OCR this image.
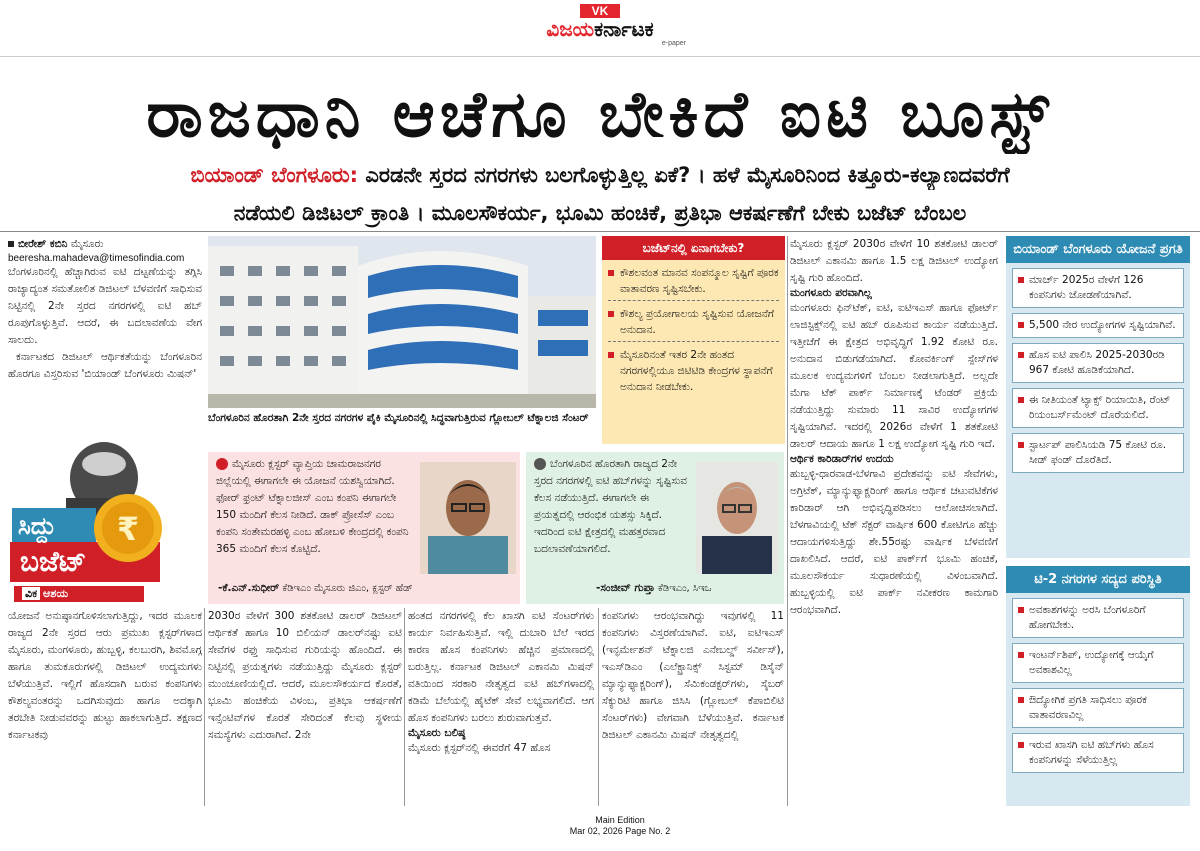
VK
ವಿಜಯಕರ್ನಾಟಕ
e-paper
ರಾಜಧಾನಿ ಆಚೆಗೂ ಬೇಕಿದೆ ಐಟಿ ಬೂಸ್ಟ್
ಬಿಯಾಂಡ್ ಬೆಂಗಳೂರು: ಎರಡನೇ ಸ್ತರದ ನಗರಗಳು ಬಲಗೊಳ್ಳುತ್ತಿಲ್ಲ ಏಕೆ? । ಹಳೆ ಮೈಸೂರಿನಿಂದ ಕಿತ್ತೂರು-ಕಲ್ಯಾಣದವರೆಗೆ
ನಡೆಯಲಿ ಡಿಜಿಟಲ್ ಕ್ರಾಂತಿ । ಮೂಲಸೌಕರ್ಯ, ಭೂಮಿ ಹಂಚಿಕೆ, ಪ್ರತಿಭಾ ಆಕರ್ಷಣೆಗೆ ಬೇಕು ಬಜೆಟ್ ಬೆಂಬಲ
ಬೀರೇಶ್ ಕಬಿನಿ ಮೈಸೂರು
beeresha.mahadeva@timesofindia.com

ಬೆಂಗಳೂರಿನಲ್ಲಿ ಹೆಚ್ಚಾಗಿರುವ ಐಟಿ ದಟ್ಟಣೆಯನ್ನು ತಗ್ಗಿಸಿ ರಾಜ್ಯಾದ್ಯಂತ ಸಮತೋಲಿತ ಡಿಜಿಟಲ್ ಬೆಳವಣಿಗೆ ಸಾಧಿಸುವ ನಿಟ್ಟಿನಲ್ಲಿ 2ನೇ ಸ್ತರದ ನಗರಗಳಲ್ಲಿ ಐಟಿ ಹಬ್ ರೂಪುಗೊಳ್ಳುತ್ತಿವೆ. ಆದರೆ, ಈ ಬದಲಾವಣೆಯ ವೇಗ ಸಾಲದು.

ಕರ್ನಾಟಕದ ಡಿಜಿಟಲ್ ಆರ್ಥಿಕತೆಯನ್ನು ಬೆಂಗಳೂರಿನ ಹೊರಗೂ ವಿಸ್ತರಿಸುವ 'ಬಿಯಾಂಡ್ ಬೆಂಗಳೂರು ಮಿಷನ್'

₹
ಸಿದ್ದು
ಬಜೆಟ್
ವಿಕ ಆಶಯ
ಬೆಂಗಳೂರಿನ ಹೊರತಾಗಿ 2ನೇ ಸ್ತರದ ನಗರಗಳ ಪೈಕಿ ಮೈಸೂರಿನಲ್ಲಿ ಸಿದ್ಧವಾಗುತ್ತಿರುವ ಗ್ಲೋಬಲ್ ಟೆಕ್ನಾಲಜಿ ಸೆಂಟರ್
ಬಜೆಟ್‌ನಲ್ಲಿ ಏನಾಗಬೇಕು?
ಕೌಶಲವಂತ ಮಾನವ ಸಂಪನ್ಮೂಲ ಸೃಷ್ಟಿಗೆ ಪೂರಕ ವಾತಾವರಣ ಸೃಷ್ಟಿಸಬೇಕು.
ಕೌಶಲ್ಯ ಪ್ರಯೋಗಾಲಯ ಸೃಷ್ಟಿಸುವ ಯೋಜನೆಗೆ ಅನುದಾನ.
ಮೈಸೂರಿನಂತೆ ಇತರ 2ನೇ ಹಂತದ ನಗರಗಳಲ್ಲಿಯೂ ಜಿಟಿಟಿಡಿ ಕೇಂದ್ರಗಳ ಸ್ಥಾಪನೆಗೆ ಅನುದಾನ ನೀಡಬೇಕು.

ಮೈಸೂರು ಕ್ಲಸ್ಟರ್ 2030ರ ವೇಳೆಗೆ 10 ಶತಕೋಟಿ ಡಾಲರ್ ಡಿಜಿಟಲ್ ಎಕಾನಮಿ ಹಾಗೂ 1.5 ಲಕ್ಷ ಡಿಜಿಟಲ್ ಉದ್ಯೋಗ ಸೃಷ್ಟಿ ಗುರಿ ಹೊಂದಿದೆ.

ಮಂಗಳೂರು ಪರವಾಗಿಲ್ಲ

ಮಂಗಳೂರು ಫಿನ್‌ಟೆಕ್, ಐಟಿ, ಐಟಿಇಎಸ್ ಹಾಗೂ ಫೋರ್ಟ್ ಲಾಜಿಸ್ಟಿಕ್ಸ್‌ನಲ್ಲಿ ಐಟಿ ಹಬ್ ರೂಪಿಸುವ ಕಾರ್ಯ ನಡೆಯುತ್ತಿದೆ. ಇತ್ತೀಚೆಗೆ ಈ ಕ್ಷೇತ್ರದ ಅಭಿವೃದ್ಧಿಗೆ 1.92 ಕೋಟಿ ರೂ. ಅನುದಾನ ಬಿಡುಗಡೆಯಾಗಿದೆ. ಕೋವರ್ಕಿಂಗ್ ಸ್ಪೇಸ್‌ಗಳ ಮೂಲಕ ಉದ್ಯಮಗಳಿಗೆ ಬೆಂಬಲ ನೀಡಲಾಗುತ್ತಿದೆ. ಅಲ್ಲದೇ ಮೆಗಾ ಟೆಕ್ ಪಾರ್ಕ್ ನಿರ್ಮಾಣಕ್ಕೆ ಟೆಂಡರ್ ಪ್ರಕ್ರಿಯೆ ನಡೆಯುತ್ತಿದ್ದು ಸುಮಾರು 11 ಸಾವಿರ ಉದ್ಯೋಗಗಳ ಸೃಷ್ಟಿಯಾಗಿವೆ. ಇದರಲ್ಲಿ 2026ರ ವೇಳೆಗೆ 1 ಶತಕೋಟಿ ಡಾಲರ್ ಆದಾಯ ಹಾಗೂ 1 ಲಕ್ಷ ಉದ್ಯೋಗ ಸೃಷ್ಟಿ ಗುರಿ ಇದೆ.

ಆರ್ಥಿಕ ಕಾರಿಡಾರ್‌ಗಳ ಉದಯ

ಹುಬ್ಬಳ್ಳಿ-ಧಾರವಾಡ-ಬೆಳಗಾವಿ ಪ್ರದೇಶವನ್ನು ಐಟಿ ಸೇವೆಗಳು, ಅಗ್ರಿಟೆಕ್, ಮ್ಯಾನ್ಯುಫ್ಯಾಕ್ಚರಿಂಗ್ ಹಾಗೂ ಆರ್ಥಿಕ ಚಟುವಟಿಕೆಗಳ ಕಾರಿಡಾರ್ ಆಗಿ ಅಭಿವೃದ್ಧಿಪಡಿಸಲು ಆಲೋಚಿಸಲಾಗಿದೆ. ಬೆಳಗಾವಿಯಲ್ಲಿ ಟೆಕ್ ಸೆಕ್ಟರ್ ವಾರ್ಷಿಕ 600 ಕೋಟಿಗೂ ಹೆಚ್ಚು ಆದಾಯಗಳಿಸುತ್ತಿದ್ದು ಶೇ.55ರಷ್ಟು ವಾರ್ಷಿಕ ಬೆಳವಣಿಗೆ ದಾಖಲಿಸಿದೆ. ಆದರೆ, ಐಟಿ ಪಾರ್ಕ್‌ಗೆ ಭೂಮಿ ಹಂಚಿಕೆ, ಮೂಲಸೌಕರ್ಯ ಸುಧಾರಣೆಯಲ್ಲಿ ವಿಳಂಬವಾಗಿದೆ. ಹುಬ್ಬಳ್ಳಿಯಲ್ಲಿ ಐಟಿ ಪಾರ್ಕ್ ನವೀಕರಣ ಕಾಮಗಾರಿ ಆರಂಭವಾಗಿದೆ.

ಮೈಸೂರು ಕ್ಲಸ್ಟರ್ ವ್ಯಾಪ್ತಿಯ ಚಾಮರಾಜನಗರ ಜಿಲ್ಲೆಯಲ್ಲಿ ಈಗಾಗಲೇ ಈ ಯೋಜನೆ ಯಶಸ್ವಿಯಾಗಿದೆ. ಫೋರ್ ಫ್ರಂಟ್ ಟೆಕ್ನಾಲಜೀಸ್ ಎಂಬ ಕಂಪನಿ ಈಗಾಗಲೇ 150 ಮಂದಿಗೆ ಕೆಲಸ ನೀಡಿದೆ. ಡಾಕ್ ಪ್ರೋಸೆಸ್ ಎಂಬ ಕಂಪನಿ ಸಂತೇಮರಹಳ್ಳಿ ಎಂಬ ಹೋಬಳಿ ಕೇಂದ್ರದಲ್ಲಿ ಕಂಪನಿ 365 ಮಂದಿಗೆ ಕೆಲಸ ಕೊಟ್ಟಿದೆ.
-ಕೆ.ಎನ್.ಸುಧೀರ್ ಕೆಡಿಇಎಂ ಮೈಸೂರು ಜಿಎಂ, ಕ್ಲಸ್ಟರ್ ಹೆಡ್
ಬೆಂಗಳೂರಿನ ಹೊರತಾಗಿ ರಾಜ್ಯದ 2ನೇ ಸ್ತರದ ನಗರಗಳಲ್ಲಿ ಐಟಿ ಹಬ್‌ಗಳನ್ನು ಸೃಷ್ಟಿಸುವ ಕೆಲಸ ನಡೆಯುತ್ತಿದೆ. ಈಗಾಗಲೇ ಈ ಪ್ರಯತ್ನದಲ್ಲಿ ಆರಂಭಿಕ ಯಶಸ್ಸು ಸಿಕ್ಕಿದೆ. ಇದರಿಂದ ಐಟಿ ಕ್ಷೇತ್ರದಲ್ಲಿ ಮಹತ್ತರವಾದ ಬದಲಾವಣೆಯಾಗಲಿದೆ.
-ಸಂಜೀವ್ ಗುಪ್ತಾ ಕೆಡಿಇಎಂ, ಸಿಇಒ

ಯೋಜನೆ ಅನುಷ್ಠಾನಗೊಳಿಸಲಾಗುತ್ತಿದ್ದು, ಇದರ ಮೂಲಕ ರಾಜ್ಯದ 2ನೇ ಸ್ತರದ ಆರು ಪ್ರಮುಖ ಕ್ಲಸ್ಟರ್‌ಗಳಾದ ಮೈಸೂರು, ಮಂಗಳೂರು, ಹುಬ್ಬಳ್ಳಿ, ಕಲಬುರಗಿ, ಶಿವಮೊಗ್ಗ ಹಾಗೂ ತುಮಕೂರುಗಳಲ್ಲಿ ಡಿಜಿಟಲ್ ಉದ್ಯಮಗಳು ಬೆಳೆಯುತ್ತಿವೆ. ಇಲ್ಲಿಗೆ ಹೊಸದಾಗಿ ಬರುವ ಕಂಪನಿಗಳು ಕೌಶಲ್ಯವಂತರನ್ನು ಒದಗಿಸುವುದು ಹಾಗೂ ಅದಕ್ಕಾಗಿ ತರಬೇತಿ ನೀಡುವವರನ್ನು ಹುಟ್ಟು ಹಾಕಲಾಗುತ್ತಿದೆ. ತಕ್ಷಣದ ಕರ್ನಾಟಕವು

2030ರ ವೇಳೆಗೆ 300 ಶತಕೋಟಿ ಡಾಲರ್ ಡಿಜಿಟಲ್ ಆರ್ಥಿಕತೆ ಹಾಗೂ 10 ಬಿಲಿಯನ್ ಡಾಲರ್‌ನಷ್ಟು ಐಟಿ ಸೇವೆಗಳ ರಫ್ತು ಸಾಧಿಸುವ ಗುರಿಯನ್ನು ಹೊಂದಿದೆ. ಈ ನಿಟ್ಟಿನಲ್ಲಿ ಪ್ರಯತ್ನಗಳು ನಡೆಯುತ್ತಿದ್ದು ಮೈಸೂರು ಕ್ಲಸ್ಟರ್ ಮುಂಚೂಣಿಯಲ್ಲಿದೆ. ಆದರೆ, ಮೂಲಸೌಕರ್ಯದ ಕೊರತೆ, ಭೂಮಿ ಹಂಚಿಕೆಯ ವಿಳಂಬ, ಪ್ರತಿಭಾ ಆಕರ್ಷಣೆಗೆ ಇನ್ಸೆಂಟಿವ್‌ಗಳ ಕೊರತೆ ಸೇರಿದಂತೆ ಕೆಲವು ಸ್ಥಳೀಯ ಸಮಸ್ಯೆಗಳು ಎದುರಾಗಿವೆ. 2ನೇ

ಹಂತದ ನಗರಗಳಲ್ಲಿ ಕೆಲ ಖಾಸಗಿ ಐಟಿ ಸೆಂಟರ್‌ಗಳು ಕಾರ್ಯ ನಿರ್ವಹಿಸುತ್ತಿವೆ. ಇಲ್ಲಿ ದುಬಾರಿ ಬೆಲೆ ಇರದ ಕಾರಣ ಹೊಸ ಕಂಪನಿಗಳು ಹೆಚ್ಚಿನ ಪ್ರಮಾಣದಲ್ಲಿ ಬರುತ್ತಿಲ್ಲ. ಕರ್ನಾಟಕ ಡಿಜಿಟಲ್ ಎಕಾನಮಿ ಮಿಷನ್ ವತಿಯಿಂದ ಸರಕಾರಿ ನೇತೃತ್ವದ ಐಟಿ ಹಬ್‌ಗಳಾದಲ್ಲಿ ಕಡಿಮೆ ಬೆಲೆಯಲ್ಲಿ ಹೈಟೆಕ್ ಸೇವೆ ಲಭ್ಯವಾಗಲಿದೆ. ಆಗ ಹೊಸ ಕಂಪನಿಗಳು ಬರಲು ಶುರುವಾಗುತ್ತವೆ.

ಮೈಸೂರು ಬಲಿಷ್ಠ

ಮೈಸೂರು ಕ್ಲಸ್ಟರ್‌ನಲ್ಲಿ ಈವರೆಗೆ 47 ಹೊಸ

ಕಂಪನಿಗಳು ಆರಂಭವಾಗಿದ್ದು ಇವುಗಳಲ್ಲಿ 11 ಕಂಪನಿಗಳು ವಿಸ್ತರಣೆಯಾಗಿವೆ. ಐಟಿ, ಐಟಿಇಎಸ್ (ಇನ್ಫರ್ಮೇಶನ್ ಟೆಕ್ನಾಲಜಿ ಎನೇಬಲ್ಡ್ ಸರ್ವೀಸ್), ಇಎಸ್‌ಡಿಎಂ (ಎಲೆಕ್ಟ್ರಾನಿಕ್ಸ್ ಸಿಸ್ಟಮ್ ಡಿಸೈನ್ ಮ್ಯಾನ್ಯುಫ್ಯಾಕ್ಚರಿಂಗ್), ಸೆಮಿಕಂಡಕ್ಟರ್‌ಗಳು, ಸೈಬರ್ ಸೆಕ್ಯುರಿಟಿ ಹಾಗೂ ಜಿಸಿಸಿ (ಗ್ಲೋಬಲ್ ಕೆಪಾಬಿಲಿಟಿ ಸೆಂಟರ್‌ಗಳು) ವೇಗವಾಗಿ ಬೆಳೆಯುತ್ತಿವೆ. ಕರ್ನಾಟಕ ಡಿಜಿಟಲ್ ಎಕಾನಮಿ ಮಿಷನ್ ನೇತೃತ್ವದಲ್ಲಿ

ಬಿಯಾಂಡ್ ಬೆಂಗಳೂರು ಯೋಜನೆ ಪ್ರಗತಿ
ಮಾರ್ಚ್ 2025ರ ವೇಳೆಗೆ 126 ಕಂಪನಿಗಳು ಜೋಡಣೆಯಾಗಿವೆ.
5,500 ನೇರ ಉದ್ಯೋಗಗಳ ಸೃಷ್ಟಿಯಾಗಿವೆ.
ಹೊಸ ಐಟಿ ಪಾಲಿಸಿ 2025-2030ರಡಿ 967 ಕೋಟಿ ಹೂಡಿಕೆಯಾಗಿದೆ.
ಈ ನೀತಿಯಂತೆ ಟ್ಯಾಕ್ಸ್ ರಿಯಾಯಿತಿ, ರೆಂಟ್ ರಿಯಂಬರ್ಸ್‌ಮೆಂಟ್ ದೊರೆಯಲಿದೆ.
ಸ್ಟಾರ್ಟಪ್ ಪಾಲಿಸಿಯಡಿ 75 ಕೋಟಿ ರೂ. ಸೀಡ್ ಫಂಡ್ ದೊರೆತಿದೆ.
ಟಿ-2 ನಗರಗಳ ಸದ್ಯದ ಪರಿಸ್ಥಿತಿ
ಅವಕಾಶಗಳನ್ನು ಅರಸಿ ಬೆಂಗಳೂರಿಗೆ ಹೋಗಬೇಕು.
ಇಂಟರ್ನ್‌ಶಿಪ್, ಉದ್ಯೋಗಕ್ಕೆ ಆಯ್ಕೆಗೆ ಅವಕಾಶವಿಲ್ಲ
ಔದ್ಯೋಗಿಕ ಪ್ರಗತಿ ಸಾಧಿಸಲು ಪೂರಕ ವಾತಾವರಣವಿಲ್ಲ
ಇರುವ ಖಾಸಗಿ ಐಟಿ ಹಬ್‌ಗಳು ಹೊಸ ಕಂಪನಿಗಳನ್ನು ಸೆಳೆಯುತ್ತಿಲ್ಲ
Main Edition
Mar 02, 2026 Page No. 2
